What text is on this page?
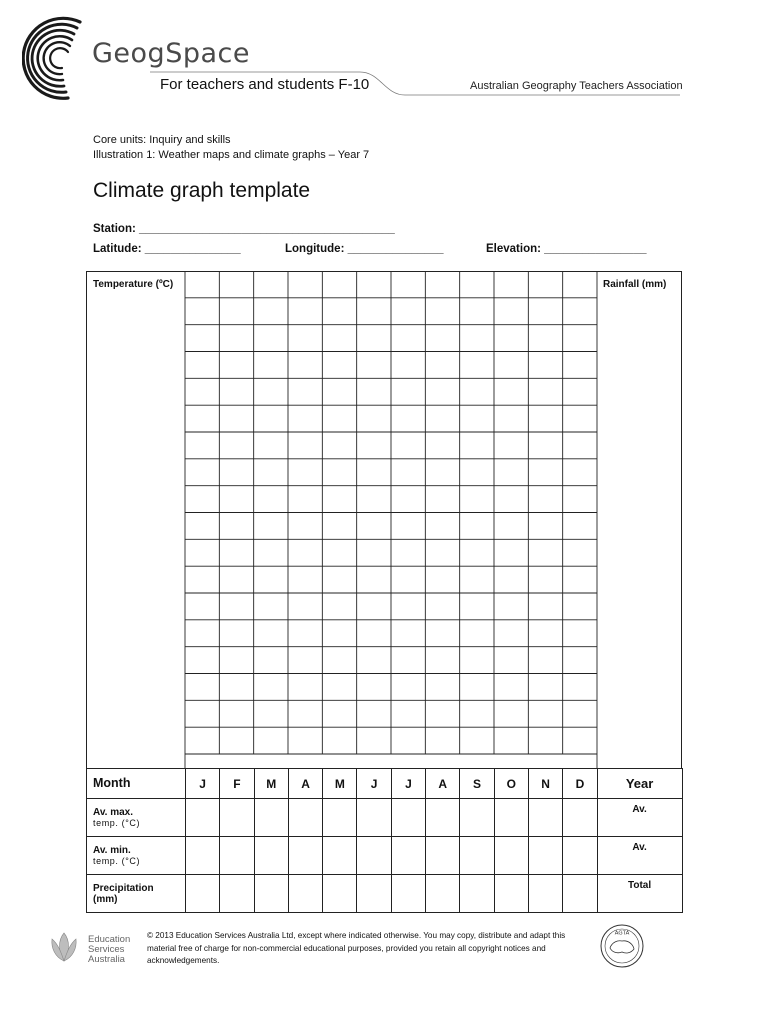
GeogSpace
For teachers and students F-10	Australian Geography Teachers Association
Core units: Inquiry and skills
Illustration 1: Weather maps and climate graphs – Year 7
Climate graph template
Station: ________________________________________
Latitude: _______________	Longitude: _______________	Elevation: ________________
Temperature (ºC)	Rainfall (mm)
Month	J	F	M	A	M	J	J	A	S	O	N	D	Year

Av. max.
temp. (°C)													Av.

Av. min.
temp. (°C)													Av.

Precipitation
(mm)													Total
Education
Services
Australia
© 2013 Education Services Australia Ltd, except where indicated otherwise. You may copy, distribute and adapt this material free of charge for non-commercial educational purposes, provided you retain all copyright notices and acknowledgements.
AGTA
